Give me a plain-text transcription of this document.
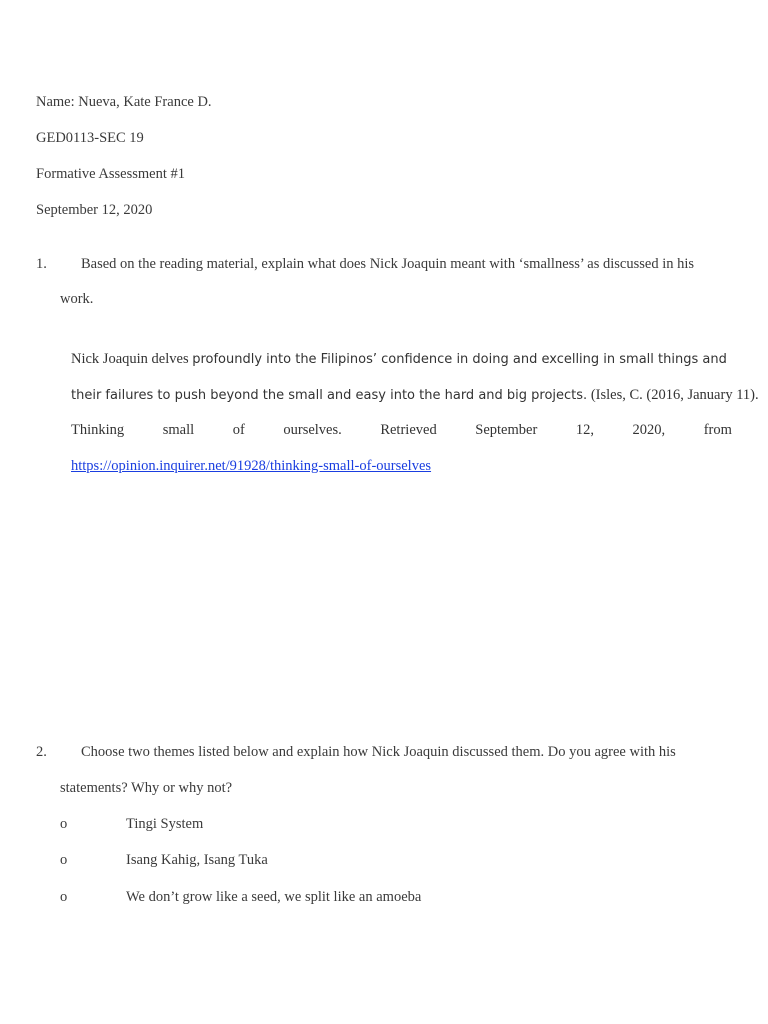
Name: Nueva, Kate France D.
GED0113-SEC 19
Formative Assessment #1
September 12, 2020
1. Based on the reading material, explain what does Nick Joaquin meant with ‘smallness’ as discussed in his
work.
Nick Joaquin delves profoundly into the Filipinos’ confidence in doing and excelling in small things and
their failures to push beyond the small and easy into the hard and big projects. (Isles, C. (2016, January 11).
Thinking	small	of	ourselves.	Retrieved	September	12,	2020,	from
https://opinion.inquirer.net/91928/thinking-small-of-ourselves
2. Choose two themes listed below and explain how Nick Joaquin discussed them. Do you agree with his
statements? Why or why not?
o	Tingi System
o	Isang Kahig, Isang Tuka
o	We don’t grow like a seed, we split like an amoeba
